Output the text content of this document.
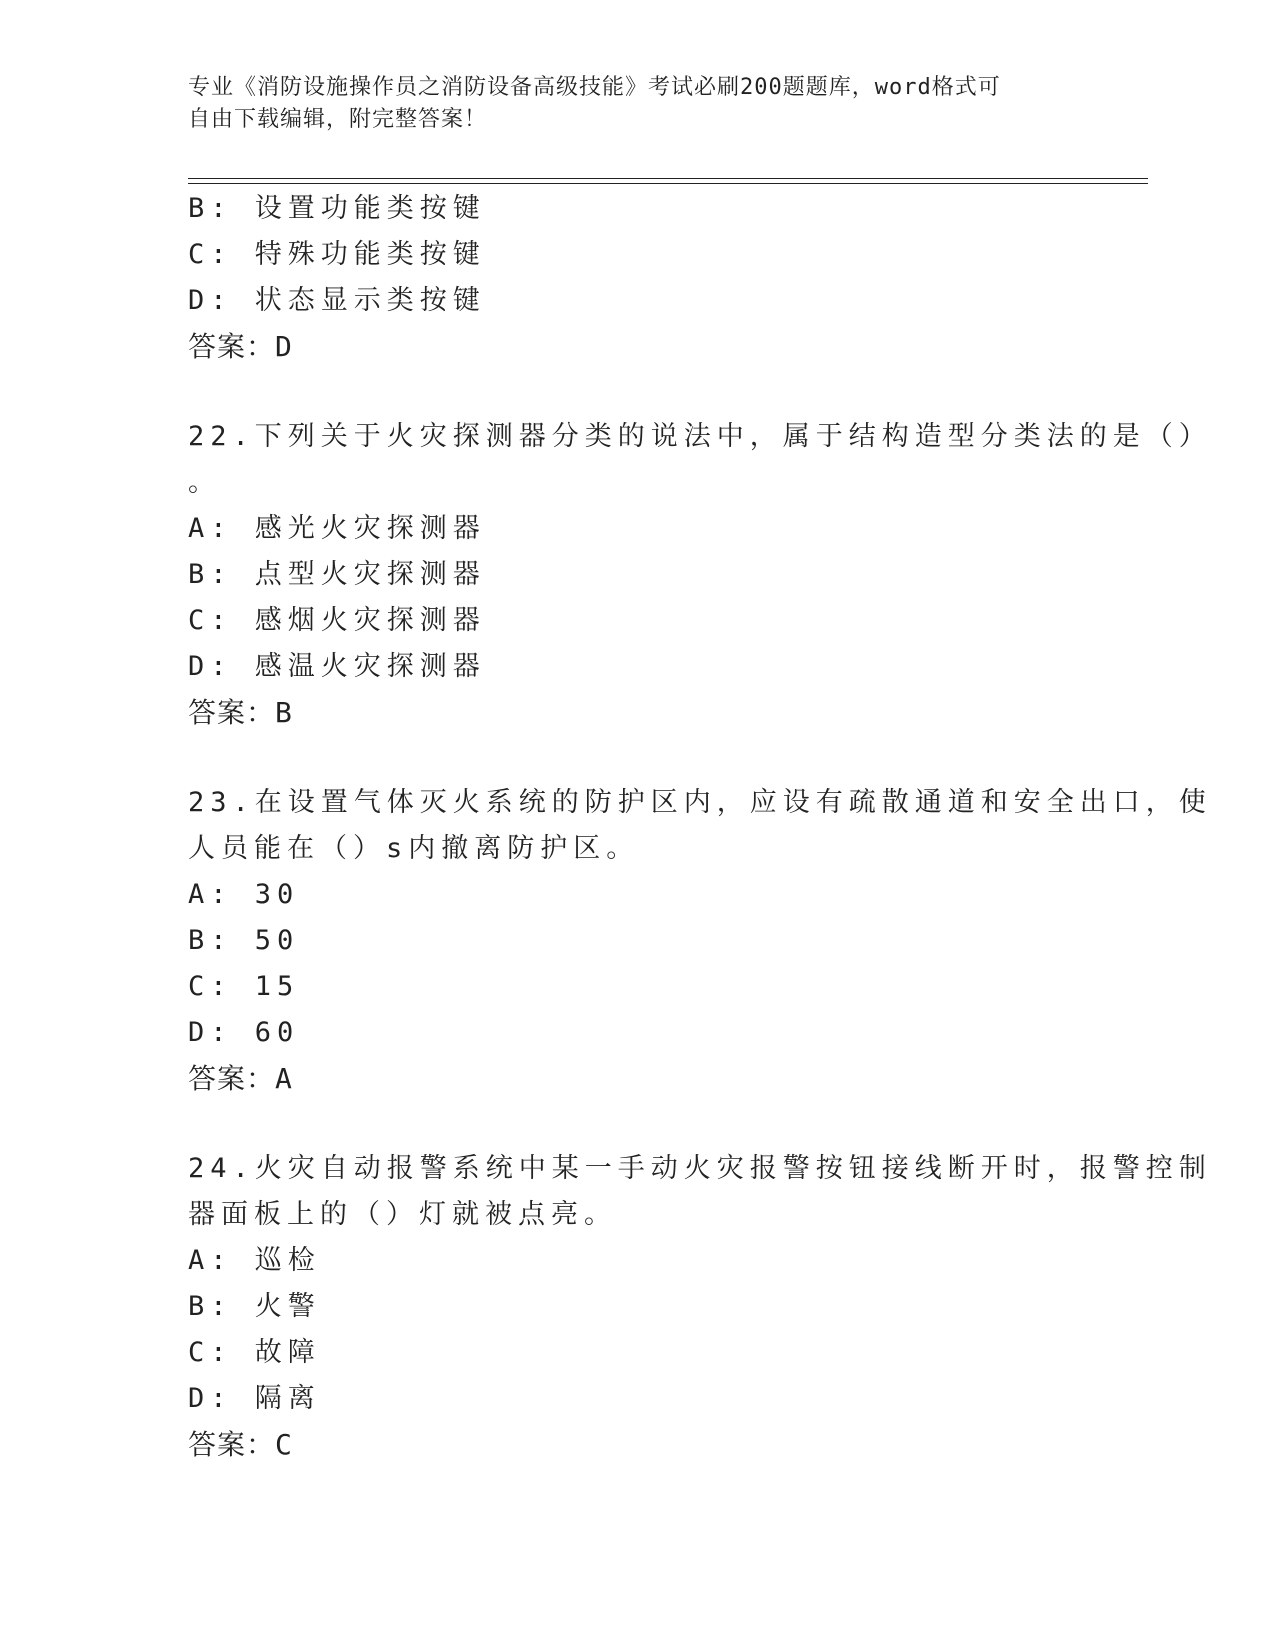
专业《消防设施操作员之消防设备高级技能》考试必刷200题题库，word格式可
自由下载编辑，附完整答案！
B: 设置功能类按键
C: 特殊功能类按键
D: 状态显示类按键
答案：D
22.下列关于火灾探测器分类的说法中，属于结构造型分类法的是（）
。
A: 感光火灾探测器
B: 点型火灾探测器
C: 感烟火灾探测器
D: 感温火灾探测器
答案：B
23.在设置气体灭火系统的防护区内，应设有疏散通道和安全出口，使
人员能在（）s内撤离防护区。
A: 30
B: 50
C: 15
D: 60
答案：A
24.火灾自动报警系统中某一手动火灾报警按钮接线断开时，报警控制
器面板上的（）灯就被点亮。
A: 巡检
B: 火警
C: 故障
D: 隔离
答案：C
